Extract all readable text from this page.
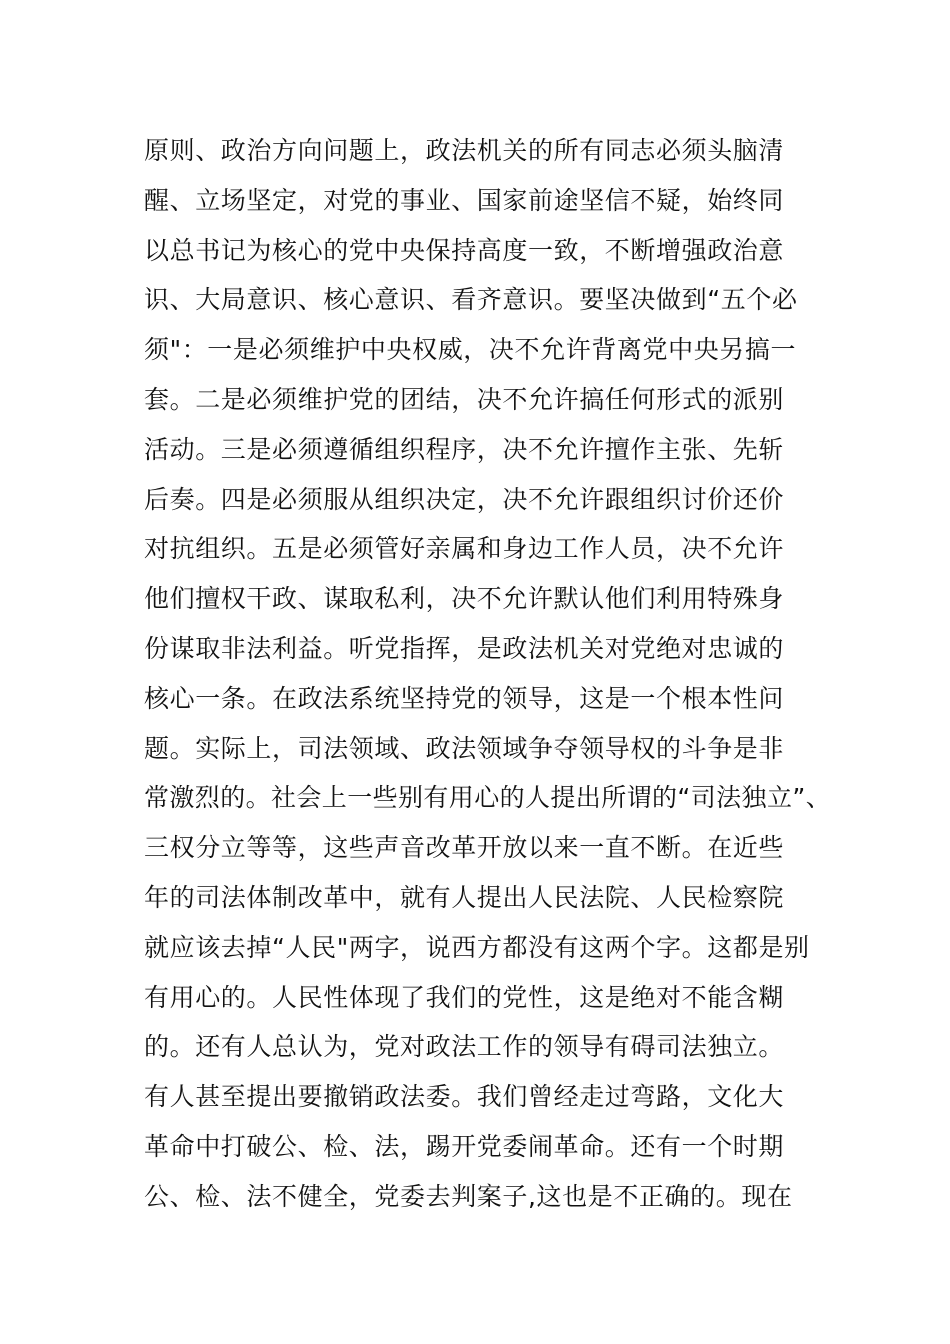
原则、政治方向问题上，政法机关的所有同志必须头脑清
醒、立场坚定，对党的事业、国家前途坚信不疑，始终同
以总书记为核心的党中央保持高度一致，不断增强政治意
识、大局意识、核心意识、看齐意识。要坚决做到“五个必
须"：一是必须维护中央权威，决不允许背离党中央另搞一
套。二是必须维护党的团结，决不允许搞任何形式的派别
活动。三是必须遵循组织程序，决不允许擅作主张、先斩
后奏。四是必须服从组织决定，决不允许跟组织讨价还价
对抗组织。五是必须管好亲属和身边工作人员，决不允许
他们擅权干政、谋取私利，决不允许默认他们利用特殊身
份谋取非法利益。听党指挥，是政法机关对党绝对忠诚的
核心一条。在政法系统坚持党的领导，这是一个根本性问
题。实际上，司法领域、政法领域争夺领导权的斗争是非
常激烈的。社会上一些别有用心的人提出所谓的“司法独立”、
三权分立等等，这些声音改革开放以来一直不断。在近些
年的司法体制改革中，就有人提出人民法院、人民检察院
就应该去掉“人民"两字，说西方都没有这两个字。这都是别
有用心的。人民性体现了我们的党性，这是绝对不能含糊
的。还有人总认为，党对政法工作的领导有碍司法独立。
有人甚至提出要撤销政法委。我们曾经走过弯路，文化大
革命中打破公、检、法，踢开党委闹革命。还有一个时期
公、检、法不健全，党委去判案子,这也是不正确的。现在
